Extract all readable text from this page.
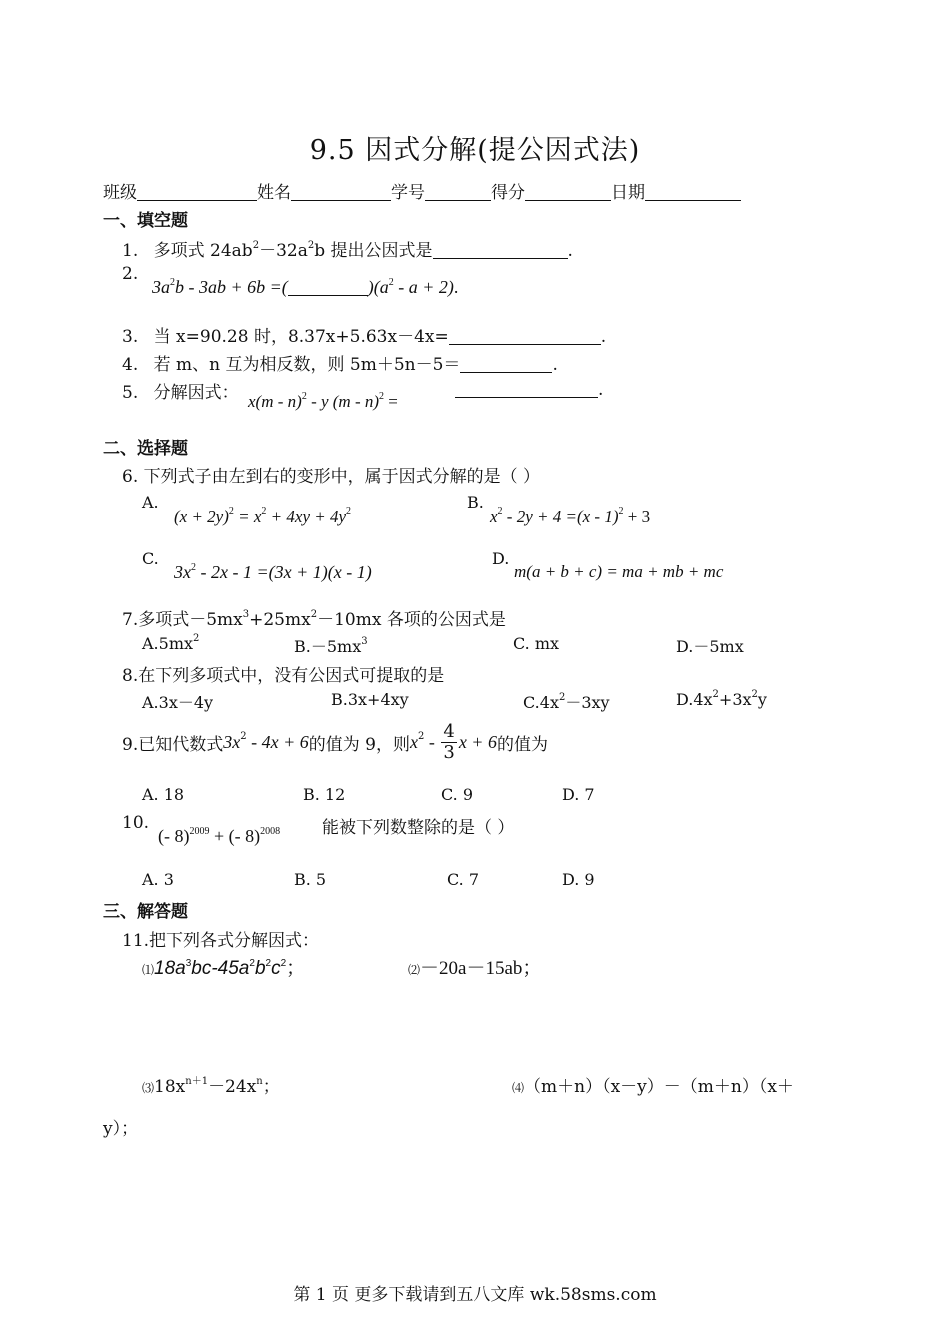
9.5 因式分解(提公因式法)
班级	姓名	学号	得分	日期
一、填空题
1. 多项式 $24ab^2-32a^2b$ 提出公因式是	.
2.
$3a^2b - 3ab + 6b$ =(	)$(a^2 - a + 2)$.
3. 当 x=90.28 时，8.37x+5.63x－4x=	.
4. 若 m、n 互为相反数，则 5m＋5n－5＝	.
5. 分解因式： x(m - n)$^2$ - y (m - n)$^2$ =
.
二、选择题
6. 下列式子由左到右的变形中，属于因式分解的是（ ）
A.
$(x + 2y)^2 = x^2 + 4xy + 4y^2$	B.
$x^2 - 2y + 4 =(x - 1)^2 + 3$
C.
$3x^2 - 2x - 1 =(3x + 1)(x - 1)$
D.
m(a + b + c) = ma + mb + mc
7.多项式$-5mx^3+25mx^2-10mx$ 各项的公因式是
$A.5mx^2$	$B.-5mx^3$	C. mx	D.－5mx
8.在下列多项式中，没有公因式可提取的是
A.3x－4y	B.3x+4xy	$C.4x^2-3xy$	$D.4x^2+3x^2y$
9.已知代数式$3x^2 - 4x + 6$的值为 9，则$x^2 - \frac{4}{3}$ x + 6的值为
A. 18	B. 12	C. 9	D. 7
10.
(- 8)$^{2009}$ + (- 8)$^{2008}$ 能被下列数整除的是（ ）
A. 3	B. 5	C. 7	D. 9
三、解答题
11.把下列各式分解因式：
$⑴18a^3bc-45a^2b^2c^2$；	⑵－20a－15ab；
$⑶18x^{n+1}-24x^n$；	⑷（m＋n）（x－y）－（m＋n）（x＋
y）；
第 1 页 更多下载请到五八文库 wk.58sms.com
